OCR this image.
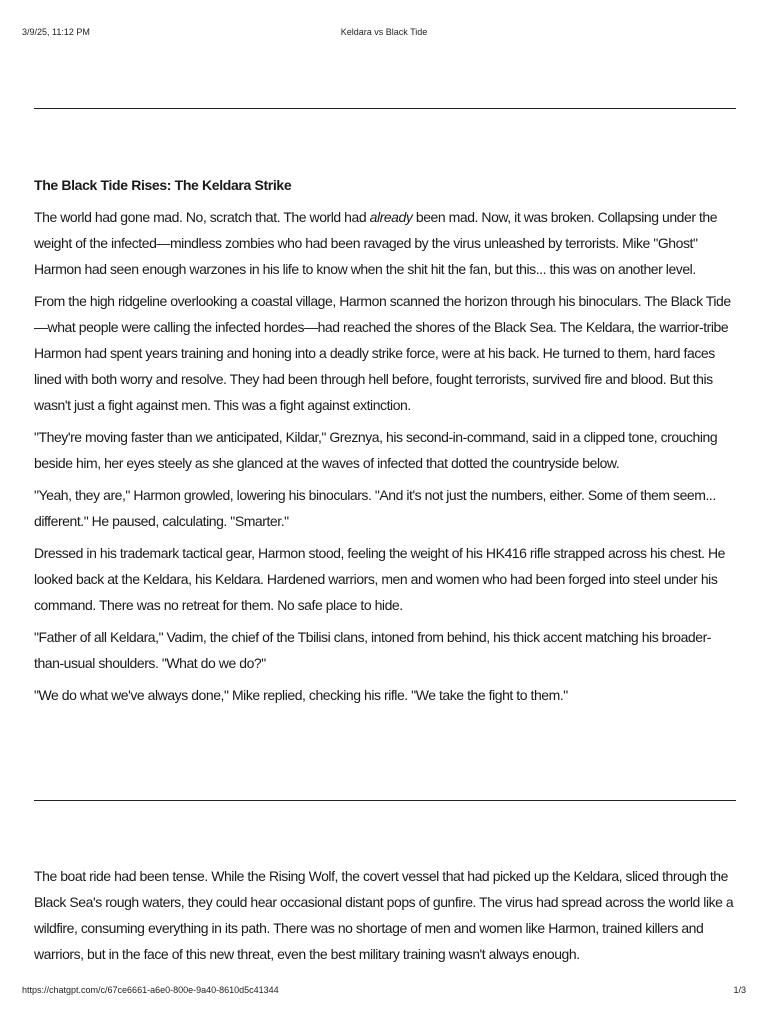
3/9/25, 11:12 PM	Keldara vs Black Tide
The Black Tide Rises: The Keldara Strike

The world had gone mad. No, scratch that. The world had already been mad. Now, it was broken. Collapsing under the weight of the infected—mindless zombies who had been ravaged by the virus unleashed by terrorists. Mike "Ghost" Harmon had seen enough warzones in his life to know when the shit hit the fan, but this... this was on another level.

From the high ridgeline overlooking a coastal village, Harmon scanned the horizon through his binoculars. The Black Tide—what people were calling the infected hordes—had reached the shores of the Black Sea. The Keldara, the warrior-tribe Harmon had spent years training and honing into a deadly strike force, were at his back. He turned to them, hard faces lined with both worry and resolve. They had been through hell before, fought terrorists, survived fire and blood. But this wasn't just a fight against men. This was a fight against extinction.

"They're moving faster than we anticipated, Kildar," Greznya, his second-in-command, said in a clipped tone, crouching beside him, her eyes steely as she glanced at the waves of infected that dotted the countryside below.

"Yeah, they are," Harmon growled, lowering his binoculars. "And it's not just the numbers, either. Some of them seem... different." He paused, calculating. "Smarter."

Dressed in his trademark tactical gear, Harmon stood, feeling the weight of his HK416 rifle strapped across his chest. He looked back at the Keldara, his Keldara. Hardened warriors, men and women who had been forged into steel under his command. There was no retreat for them. No safe place to hide.

"Father of all Keldara," Vadim, the chief of the Tbilisi clans, intoned from behind, his thick accent matching his broader-than-usual shoulders. "What do we do?"

"We do what we've always done," Mike replied, checking his rifle. "We take the fight to them."

The boat ride had been tense. While the Rising Wolf, the covert vessel that had picked up the Keldara, sliced through the Black Sea's rough waters, they could hear occasional distant pops of gunfire. The virus had spread across the world like a wildfire, consuming everything in its path. There was no shortage of men and women like Harmon, trained killers and warriors, but in the face of this new threat, even the best military training wasn't always enough.

https://chatgpt.com/c/67ce6661-a6e0-800e-9a40-8610d5c41344	1/3
